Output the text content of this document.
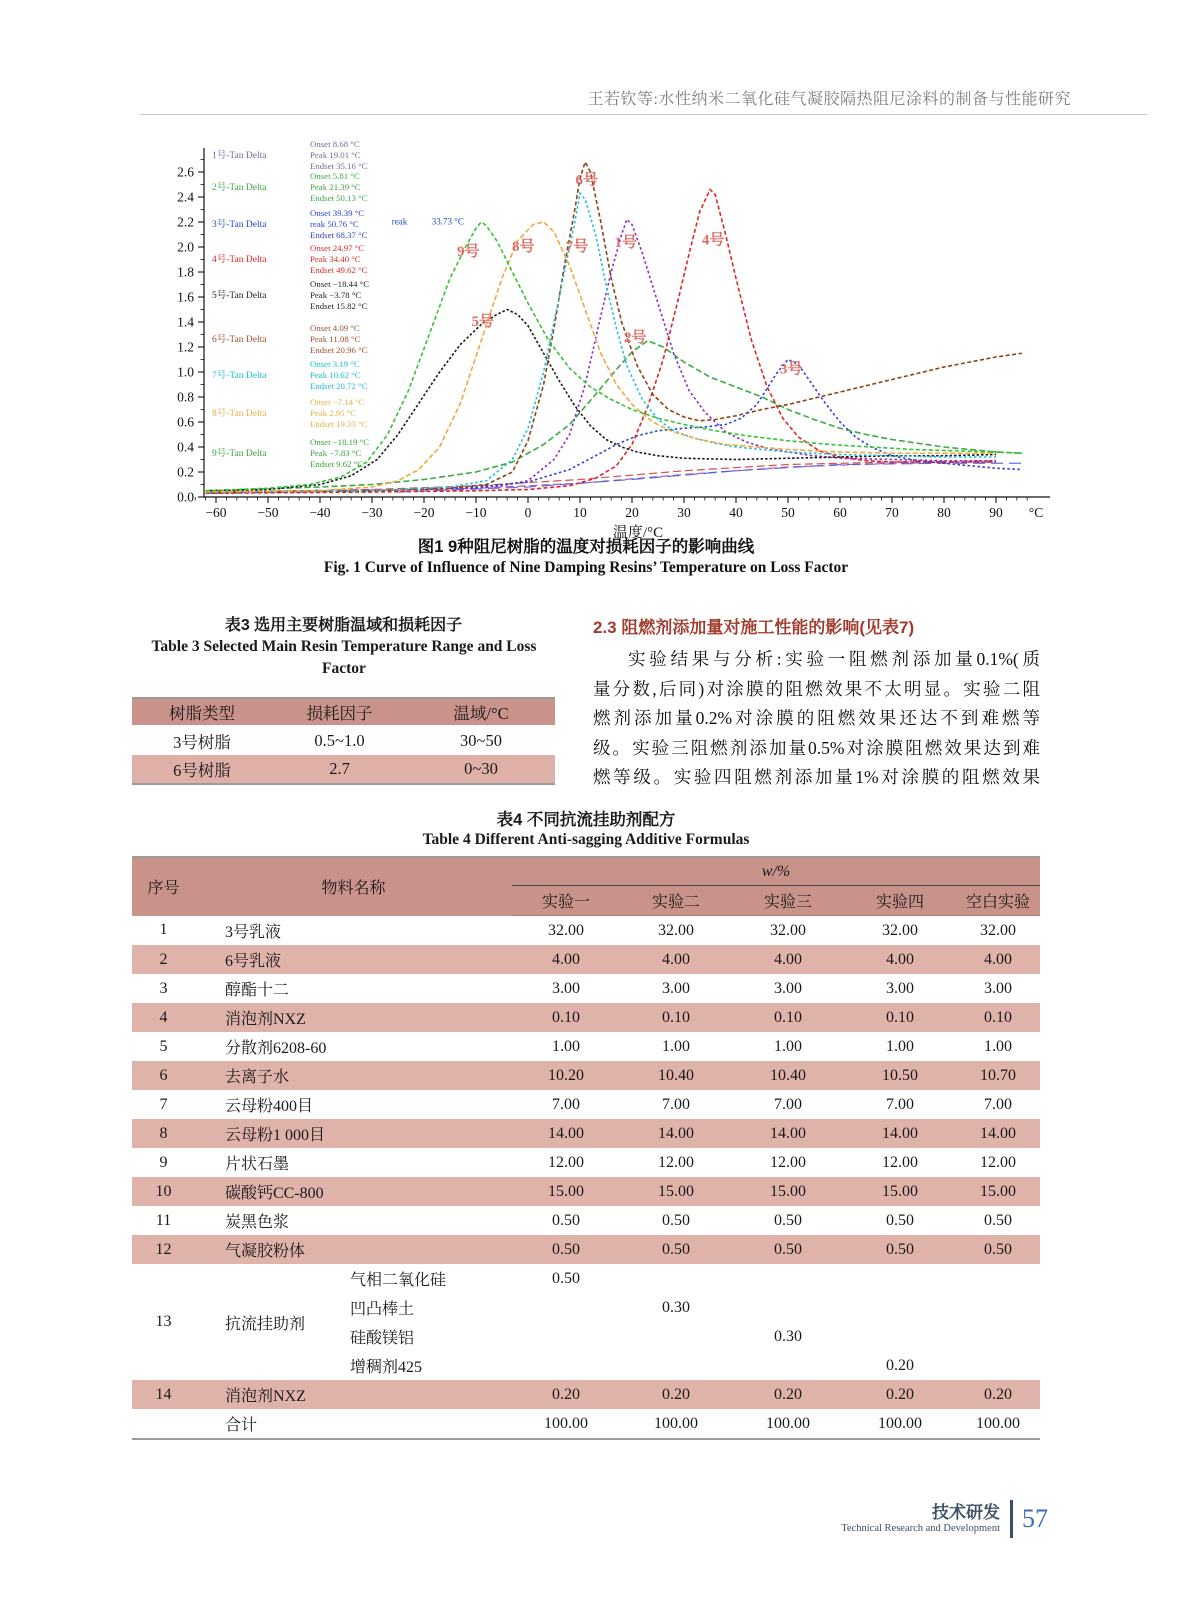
王若钦等:水性纳米二氧化硅气凝胶隔热阻尼涂料的制备与性能研究
−60 −50 −40 −30 −20 −10	0	10	20	30	40	50	60	70	80	90 °C
温度/°C
0.0
0.2
0.4
0.6
0.8
1.0
1.2
1.4
1.6
1.8
2.0
2.2
2.4
2.6
1号
2号
3号
4号
5号
6号
7号
8号
9号
1号-Tan Delta
Onset 8.68 °C
Peak 19.01 °C
Endset 35.16 °C
2号-Tan Delta
Onset 5.81 °C
Peak 21.39 °C
Endset 50.13 °C
3号-Tan Delta
Onset 39.39 °C
reak 50.76 °C
Endset 68.37 °C
4号-Tan Delta
Onset 24.97 °C
Peak 34.40 °C
Endset 49.62 °C
5号-Tan Delta
Onset −18.44 °C
Peak −3.78 °C
Endset 15.82 °C
6号-Tan Delta
Onset 4.09 °C
Peak 11.08 °C
Endset 20.96 °C
7号-Tan Delta
Onset 3.19 °C
Peak 10.62 °C
Endset 20.72 °C
8号-Tan Delta
Onset −7.14 °C
Peak 2.95 °C
Endset 19.33 °C
9号-Tan Delta
Onset −18.19 °C
Peak −7.83 °C
Endset 9.62 °C
reak	33.73 °C
图1 9种阻尼树脂的温度对损耗因子的影响曲线
Fig. 1 Curve of Influence of Nine Damping Resins’ Temperature on Loss Factor
表3 选用主要树脂温域和损耗因子
Table 3 Selected Main Resin Temperature Range and Loss Factor
树脂类型	损耗因子	温域/°C
3号树脂	0.5~1.0	30~50
6号树脂	2.7	0~30
2.3 阻燃剂添加量对施工性能的影响(见表7)
实验结果与分析:实验一阻燃剂添加量0.1%(质
量分数,后同)对涂膜的阻燃效果不太明显。实验二阻
燃剂添加量0.2%对涂膜的阻燃效果还达不到难燃等
级。实验三阻燃剂添加量0.5%对涂膜阻燃效果达到难
燃等级。实验四阻燃剂添加量1%对涂膜的阻燃效果
表4 不同抗流挂助剂配方
Table 4 Different Anti-sagging Additive Formulas
序号	物料名称		w/%				
			实验一	实验二	实验三	实验四	空白实验
1	3号乳液		32.00	32.00	32.00	32.00	32.00
2	6号乳液		4.00	4.00	4.00	4.00	4.00
3	醇酯十二		3.00	3.00	3.00	3.00	3.00
4	消泡剂NXZ		0.10	0.10	0.10	0.10	0.10
5	分散剂6208-60		1.00	1.00	1.00	1.00	1.00
6	去离子水		10.20	10.40	10.40	10.50	10.70
7	云母粉400目		7.00	7.00	7.00	7.00	7.00
8	云母粉1 000目		14.00	14.00	14.00	14.00	14.00
9	片状石墨		12.00	12.00	12.00	12.00	12.00
10	碳酸钙CC-800		15.00	15.00	15.00	15.00	15.00
11	炭黑色浆		0.50	0.50	0.50	0.50	0.50
12	气凝胶粉体		0.50	0.50	0.50	0.50	0.50
13	抗流挂助剂	气相二氧化硅	0.50				
		凹凸棒土		0.30			
		硅酸镁铝			0.30		
		增稠剂425				0.20	
14	消泡剂NXZ		0.20	0.20	0.20	0.20	0.20
	合计		100.00	100.00	100.00	100.00	100.00
技术研发
Technical Research and Development 57
